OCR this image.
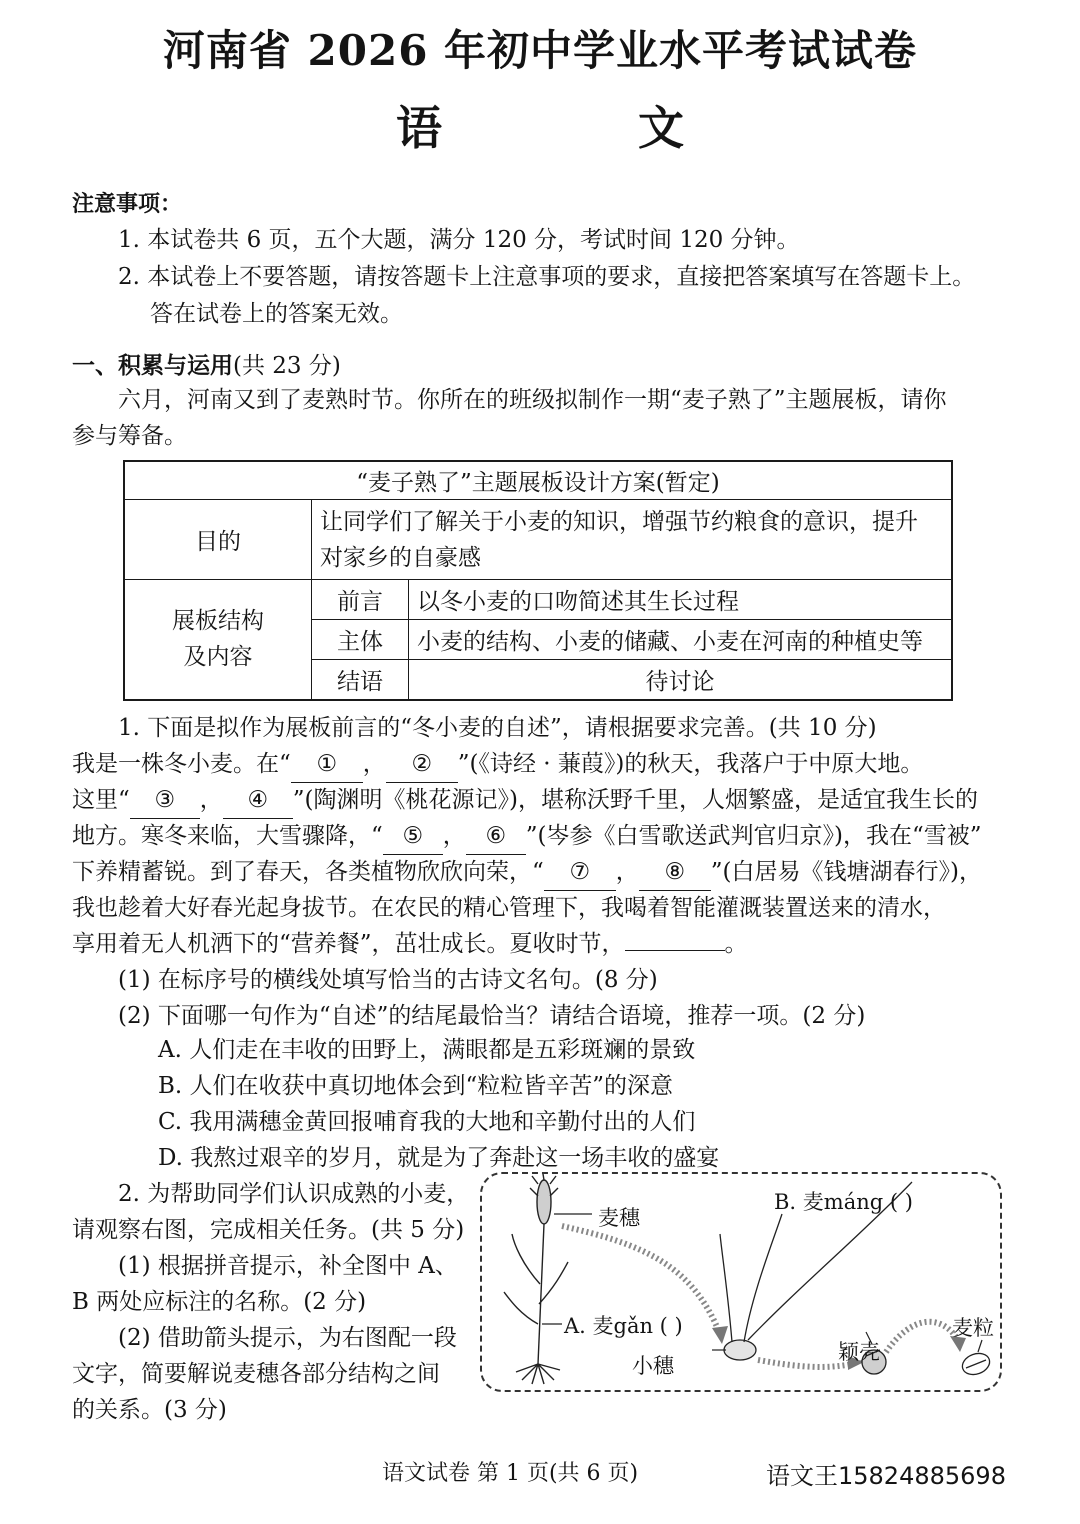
河南省 2026 年初中学业水平考试试卷
语 文
注意事项：
1. 本试卷共 6 页，五个大题，满分 120 分，考试时间 120 分钟。
2. 本试卷上不要答题，请按答题卡上注意事项的要求，直接把答案填写在答题卡上。
答在试卷上的答案无效。
一、积累与运用(共 23 分)
六月，河南又到了麦熟时节。你所在的班级拟制作一期“麦子熟了”主题展板，请你
参与筹备。
“麦子熟了”主题展板设计方案(暂定)		
目的	让同学们了解关于小麦的知识，增强节约粮食的意识，提升
对家乡的自豪感	

展板结构
及内容	前言	以冬小麦的口吻简述其生长过程
	主体	小麦的结构、小麦的储藏、小麦在河南的种植史等
	结语	待讨论
1. 下面是拟作为展板前言的“冬小麦的自述”，请根据要求完善。(共 10 分)
我是一株冬小麦。在“ ① ， ② ”(《诗经 · 蒹葭》)的秋天，我落户于中原大地。
这里“ ③ ， ④ ”(陶渊明《桃花源记》)，堪称沃野千里，人烟繁盛，是适宜我生长的
地方。寒冬来临，大雪骤降，“ ⑤ ， ⑥ ”(岑参《白雪歌送武判官归京》)，我在“雪被”
下养精蓄锐。到了春天，各类植物欣欣向荣，“ ⑦ ， ⑧ ”(白居易《钱塘湖春行》)，
我也趁着大好春光起身拔节。在农民的精心管理下，我喝着智能灌溉装置送来的清水，
享用着无人机洒下的“营养餐”，茁壮成长。夏收时节，	。
(1) 在标序号的横线处填写恰当的古诗文名句。(8 分)
(2) 下面哪一句作为“自述”的结尾最恰当？请结合语境，推荐一项。(2 分)
A. 人们走在丰收的田野上，满眼都是五彩斑斓的景致
B. 人们在收获中真切地体会到“粒粒皆辛苦”的深意
C. 我用满穗金黄回报哺育我的大地和辛勤付出的人们
D. 我熬过艰辛的岁月，就是为了奔赴这一场丰收的盛宴
2. 为帮助同学们认识成熟的小麦，
请观察右图，完成相关任务。(共 5 分)
(1) 根据拼音提示，补全图中 A、
B 两处应标注的名称。(2 分)
(2) 借助箭头提示，为右图配一段
文字，简要解说麦穗各部分结构之间
的关系。(3 分)
麦穗
A. 麦gǎn ( )
B. 麦máng ( )
小穗
颖壳
麦粒
语文试卷 第 1 页(共 6 页)	语文王15824885698
